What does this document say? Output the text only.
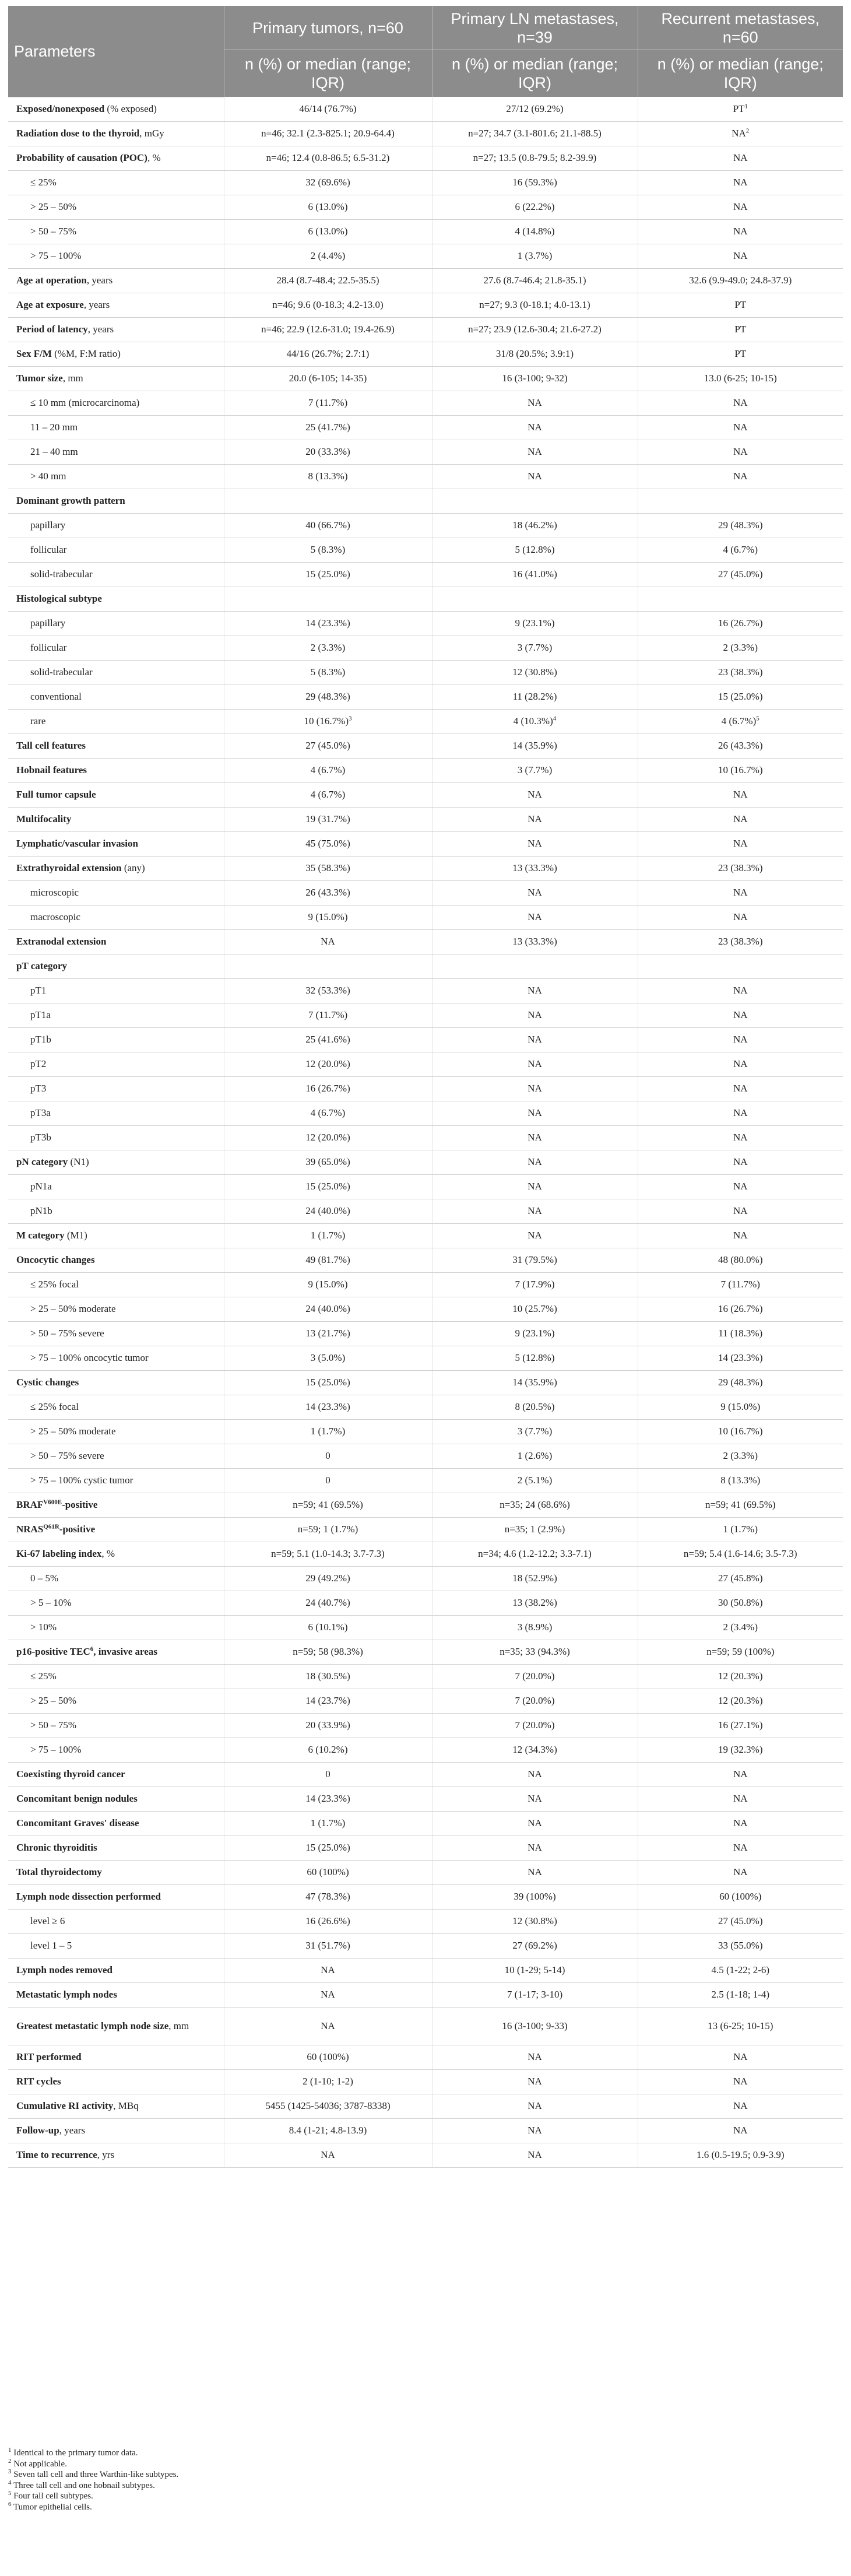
Parameters	Primary tumors, n=60	Primary LN metastases, n=39	Recurrent metastases, n=60
	n (%) or median (range; IQR)	n (%) or median (range; IQR)	n (%) or median (range; IQR)
Exposed/nonexposed (% exposed)	46/14 (76.7%)	27/12 (69.2%)	$PT^1$
Radiation dose to the thyroid, mGy	n=46; 32.1 (2.3-825.1; 20.9-64.4)	n=27; 34.7 (3.1-801.6; 21.1-88.5)	$NA^2$
Probability of causation (POC), %	n=46; 12.4 (0.8-86.5; 6.5-31.2)	n=27; 13.5 (0.8-79.5; 8.2-39.9)	NA
≤ 25%	32 (69.6%)	16 (59.3%)	NA
> 25 – 50%	6 (13.0%)	6 (22.2%)	NA
> 50 – 75%	6 (13.0%)	4 (14.8%)	NA
> 75 – 100%	2 (4.4%)	1 (3.7%)	NA
Age at operation, years	28.4 (8.7-48.4; 22.5-35.5)	27.6 (8.7-46.4; 21.8-35.1)	32.6 (9.9-49.0; 24.8-37.9)
Age at exposure, years	n=46; 9.6 (0-18.3; 4.2-13.0)	n=27; 9.3 (0-18.1; 4.0-13.1)	PT
Period of latency, years	n=46; 22.9 (12.6-31.0; 19.4-26.9)	n=27; 23.9 (12.6-30.4; 21.6-27.2)	PT
Sex F/M (%M, F:M ratio)	44/16 (26.7%; 2.7:1)	31/8 (20.5%; 3.9:1)	PT
Tumor size, mm	20.0 (6-105; 14-35)	16 (3-100; 9-32)	13.0 (6-25; 10-15)
≤ 10 mm (microcarcinoma)	7 (11.7%)	NA	NA
11 – 20 mm	25 (41.7%)	NA	NA
21 – 40 mm	20 (33.3%)	NA	NA
> 40 mm	8 (13.3%)	NA	NA
Dominant growth pattern			
papillary	40 (66.7%)	18 (46.2%)	29 (48.3%)
follicular	5 (8.3%)	5 (12.8%)	4 (6.7%)
solid-trabecular	15 (25.0%)	16 (41.0%)	27 (45.0%)
Histological subtype			
papillary	14 (23.3%)	9 (23.1%)	16 (26.7%)
follicular	2 (3.3%)	3 (7.7%)	2 (3.3%)
solid-trabecular	5 (8.3%)	12 (30.8%)	23 (38.3%)
conventional	29 (48.3%)	11 (28.2%)	15 (25.0%)
rare	10 $(16.7\%)^3$	4 $(10.3\%)^4$	4 $(6.7\%)^5$
Tall cell features	27 (45.0%)	14 (35.9%)	26 (43.3%)
Hobnail features	4 (6.7%)	3 (7.7%)	10 (16.7%)
Full tumor capsule	4 (6.7%)	NA	NA
Multifocality	19 (31.7%)	NA	NA
Lymphatic/vascular invasion	45 (75.0%)	NA	NA
Extrathyroidal extension (any)	35 (58.3%)	13 (33.3%)	23 (38.3%)
microscopic	26 (43.3%)	NA	NA
macroscopic	9 (15.0%)	NA	NA
Extranodal extension	NA	13 (33.3%)	23 (38.3%)
pT category			
pT1	32 (53.3%)	NA	NA
pT1a	7 (11.7%)	NA	NA
pT1b	25 (41.6%)	NA	NA
pT2	12 (20.0%)	NA	NA
pT3	16 (26.7%)	NA	NA
pT3a	4 (6.7%)	NA	NA
pT3b	12 (20.0%)	NA	NA
pN category (N1)	39 (65.0%)	NA	NA
pN1a	15 (25.0%)	NA	NA
pN1b	24 (40.0%)	NA	NA
M category (M1)	1 (1.7%)	NA	NA
Oncocytic changes	49 (81.7%)	31 (79.5%)	48 (80.0%)
≤ 25% focal	9 (15.0%)	7 (17.9%)	7 (11.7%)
> 25 – 50% moderate	24 (40.0%)	10 (25.7%)	16 (26.7%)
> 50 – 75% severe	13 (21.7%)	9 (23.1%)	11 (18.3%)
> 75 – 100% oncocytic tumor	3 (5.0%)	5 (12.8%)	14 (23.3%)
Cystic changes	15 (25.0%)	14 (35.9%)	29 (48.3%)
≤ 25% focal	14 (23.3%)	8 (20.5%)	9 (15.0%)
> 25 – 50% moderate	1 (1.7%)	3 (7.7%)	10 (16.7%)
> 50 – 75% severe	0	1 (2.6%)	2 (3.3%)
> 75 – 100% cystic tumor	0	2 (5.1%)	8 (13.3%)
$BRAF^{V600E}$-positive	n=59; 41 (69.5%)	n=35; 24 (68.6%)	n=59; 41 (69.5%)
$NRAS^{Q61R}$-positive	n=59; 1 (1.7%)	n=35; 1 (2.9%)	1 (1.7%)
Ki-67 labeling index, %	n=59; 5.1 (1.0-14.3; 3.7-7.3)	n=34; 4.6 (1.2-12.2; 3.3-7.1)	n=59; 5.4 (1.6-14.6; 3.5-7.3)
0 – 5%	29 (49.2%)	18 (52.9%)	27 (45.8%)
> 5 – 10%	24 (40.7%)	13 (38.2%)	30 (50.8%)
> 10%	6 (10.1%)	3 (8.9%)	2 (3.4%)
p16-positive TEC$^6$, invasive areas	n=59; 58 (98.3%)	n=35; 33 (94.3%)	n=59; 59 (100%)
≤ 25%	18 (30.5%)	7 (20.0%)	12 (20.3%)
> 25 – 50%	14 (23.7%)	7 (20.0%)	12 (20.3%)
> 50 – 75%	20 (33.9%)	7 (20.0%)	16 (27.1%)
> 75 – 100%	6 (10.2%)	12 (34.3%)	19 (32.3%)
Coexisting thyroid cancer	0	NA	NA
Concomitant benign nodules	14 (23.3%)	NA	NA
Concomitant Graves' disease	1 (1.7%)	NA	NA
Chronic thyroiditis	15 (25.0%)	NA	NA
Total thyroidectomy	60 (100%)	NA	NA
Lymph node dissection performed	47 (78.3%)	39 (100%)	60 (100%)
level ≥ 6	16 (26.6%)	12 (30.8%)	27 (45.0%)
level 1 – 5	31 (51.7%)	27 (69.2%)	33 (55.0%)
Lymph nodes removed	NA	10 (1-29; 5-14)	4.5 (1-22; 2-6)
Metastatic lymph nodes	NA	7 (1-17; 3-10)	2.5 (1-18; 1-4)
Greatest metastatic lymph node size, mm	NA	16 (3-100; 9-33)	13 (6-25; 10-15)
RIT performed	60 (100%)	NA	NA
RIT cycles	2 (1-10; 1-2)	NA	NA
Cumulative RI activity, MBq	5455 (1425-54036; 3787-8338)	NA	NA
Follow-up, years	8.4 (1-21; 4.8-13.9)	NA	NA
Time to recurrence, yrs	NA	NA	1.6 (0.5-19.5; 0.9-3.9)
$^1$ Identical to the primary tumor data.
$^2$ Not applicable.
$^3$ Seven tall cell and three Warthin-like subtypes.
$^4$ Three tall cell and one hobnail subtypes.
$^5$ Four tall cell subtypes.
$^6$ Tumor epithelial cells.
